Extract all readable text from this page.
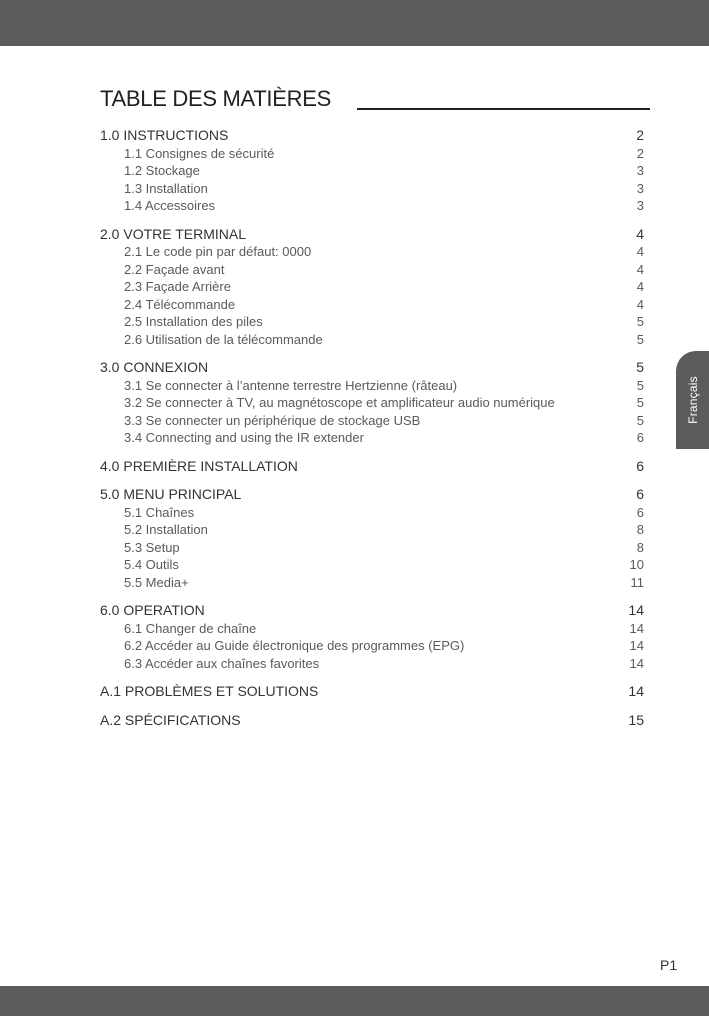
TABLE DES MATIÈRES
1.0 INSTRUCTIONS	2
1.1 Consignes de sécurité	2
1.2 Stockage	3
1.3 Installation	3
1.4 Accessoires	3
2.0 VOTRE TERMINAL	4
2.1 Le code pin par défaut: 0000	4
2.2 Façade avant	4
2.3 Façade Arrière	4
2.4 Télécommande	4
2.5 Installation des piles	5
2.6 Utilisation de la télécommande	5
3.0 CONNEXION	5
3.1 Se connecter à l’antenne terrestre Hertzienne (râteau)	5
3.2 Se connecter à TV, au magnétoscope et amplificateur audio numérique	5
3.3 Se connecter un périphérique de stockage USB	5
3.4 Connecting and using the IR extender	6
4.0 PREMIÈRE INSTALLATION	6
5.0 MENU PRINCIPAL	6
5.1 Chaînes	6
5.2 Installation	8
5.3 Setup	8
5.4 Outils	10
5.5 Media+	11
6.0 OPERATION	14
6.1 Changer de chaîne	14
6.2 Accéder au Guide électronique des programmes (EPG)	14
6.3 Accéder aux chaînes favorites	14
A.1 PROBLÈMES ET SOLUTIONS	14
A.2 SPÉCIFICATIONS	15
Français
P1
